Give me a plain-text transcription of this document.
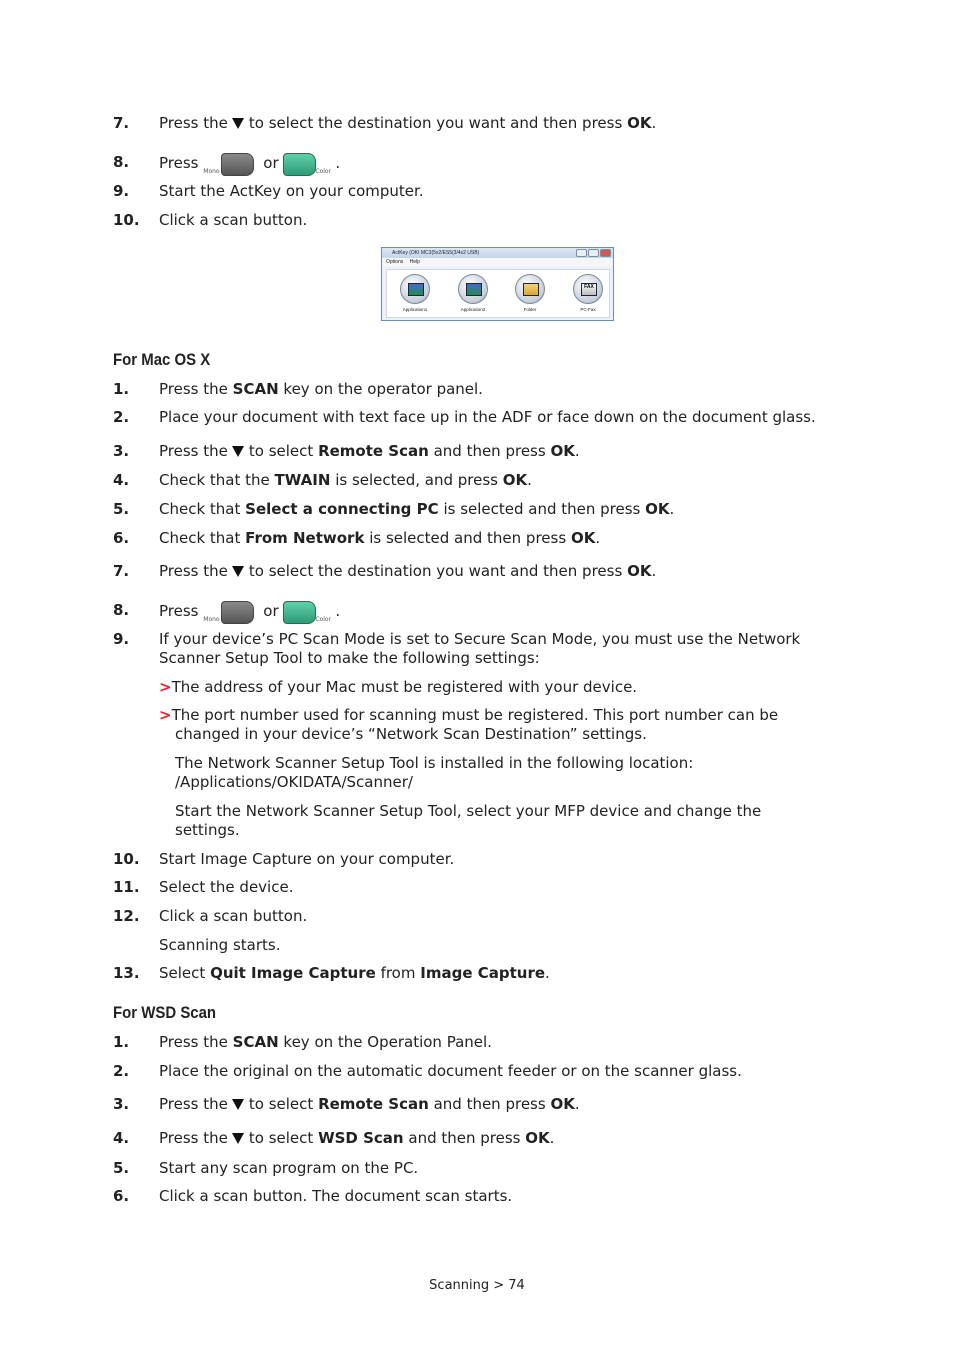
7. Press the to select the destination you want and then press OK.
8. Press Mono	or	Color .
9. Start the ActKey on your computer.
10. Click a scan button.
ActKey (OKI MC3(5x2/ES5(3/4x2 USB)
Options Help
Application1	Application2	Folder
FAX
PC-Fax
For Mac OS X
1. Press the SCAN key on the operator panel.
2. Place your document with text face up in the ADF or face down on the document glass.
3. Press the to select Remote Scan and then press OK.
4. Check that the TWAIN is selected, and press OK.
5. Check that Select a connecting PC is selected and then press OK.
6. Check that From Network is selected and then press OK.
7. Press the to select the destination you want and then press OK.
8. Press Mono	or	Color .
9. If your device’s PC Scan Mode is set to Secure Scan Mode, you must use the Network
Scanner Setup Tool to make the following settings:
>The address of your Mac must be registered with your device.
>The port number used for scanning must be registered. This port number can be
changed in your device’s “Network Scan Destination” settings.
The Network Scanner Setup Tool is installed in the following location:
/Applications/OKIDATA/Scanner/
Start the Network Scanner Setup Tool, select your MFP device and change the
settings.
10. Start Image Capture on your computer.
11. Select the device.
12. Click a scan button.
Scanning starts.
13. Select Quit Image Capture from Image Capture.
For WSD Scan
1. Press the SCAN key on the Operation Panel.
2. Place the original on the automatic document feeder or on the scanner glass.
3. Press the to select Remote Scan and then press OK.
4. Press the to select WSD Scan and then press OK.
5. Start any scan program on the PC.
6. Click a scan button. The document scan starts.
Scanning > 74
